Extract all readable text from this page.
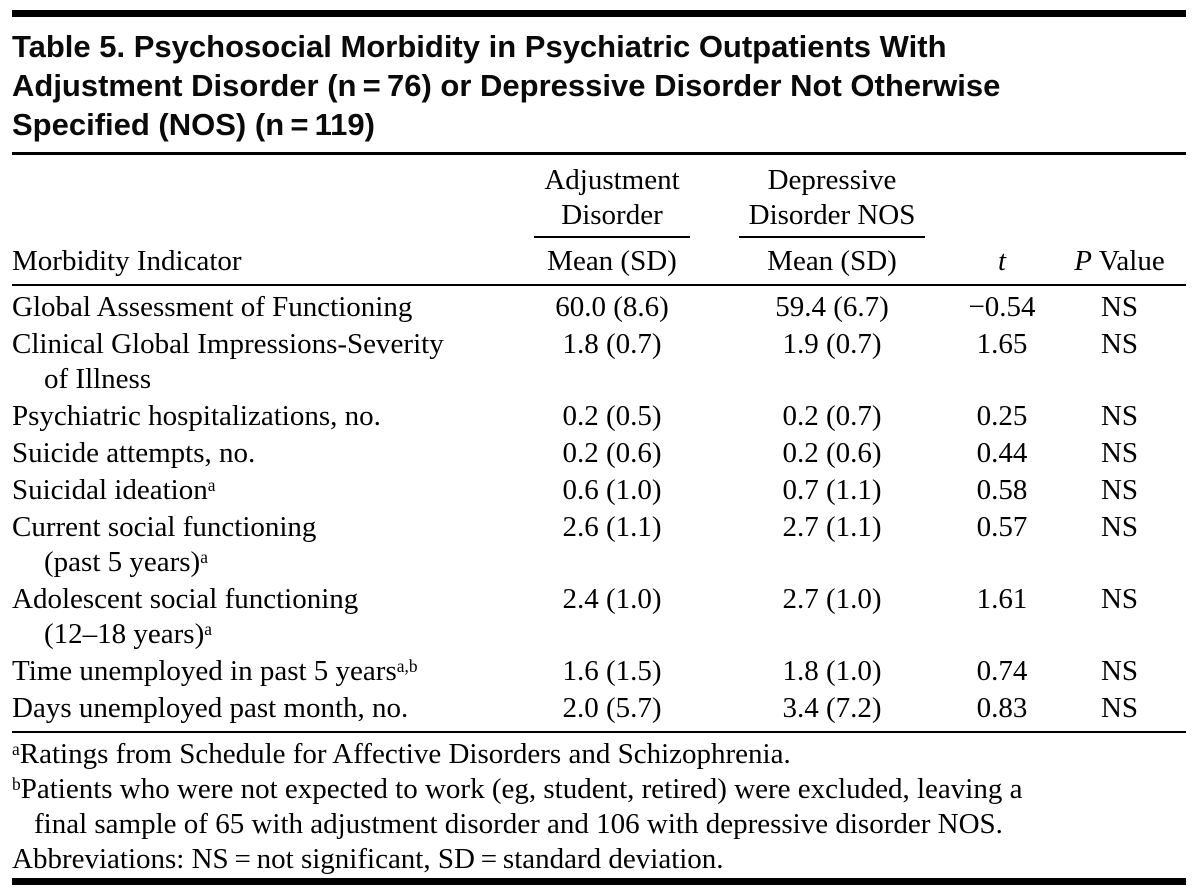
Table 5. Psychosocial Morbidity in Psychiatric Outpatients With
Adjustment Disorder (n = 76) or Depressive Disorder Not Otherwise
Specified (NOS) (n = 119)
Adjustment
Disorder
Depressive
Disorder NOS
Morbidity Indicator	Mean (SD)	Mean (SD)	t	P Value
Global Assessment of Functioning	60.0 (8.6)	59.4 (6.7)	−0.54	NS
Clinical Global Impressions-Severity
of Illness
1.8 (0.7)	1.9 (0.7)	1.65	NS
Psychiatric hospitalizations, no.	0.2 (0.5)	0.2 (0.7)	0.25	NS
Suicide attempts, no.	0.2 (0.6)	0.2 (0.6)	0.44	NS
Suicidal ideation$^a$	0.6 (1.0)	0.7 (1.1)	0.58	NS
Current social functioning
(past 5 years)$^a$
2.6 (1.1)	2.7 (1.1)	0.57	NS
Adolescent social functioning
(12–18 years)$^a$
2.4 (1.0)	2.7 (1.0)	1.61	NS
Time unemployed in past 5 years$^{a,b}$	1.6 (1.5)	1.8 (1.0)	0.74	NS
Days unemployed past month, no.	2.0 (5.7)	3.4 (7.2)	0.83	NS
$^a$Ratings from Schedule for Affective Disorders and Schizophrenia.
$^b$Patients who were not expected to work (eg, student, retired) were excluded, leaving a
final sample of 65 with adjustment disorder and 106 with depressive disorder NOS.
Abbreviations: NS = not significant, SD = standard deviation.
